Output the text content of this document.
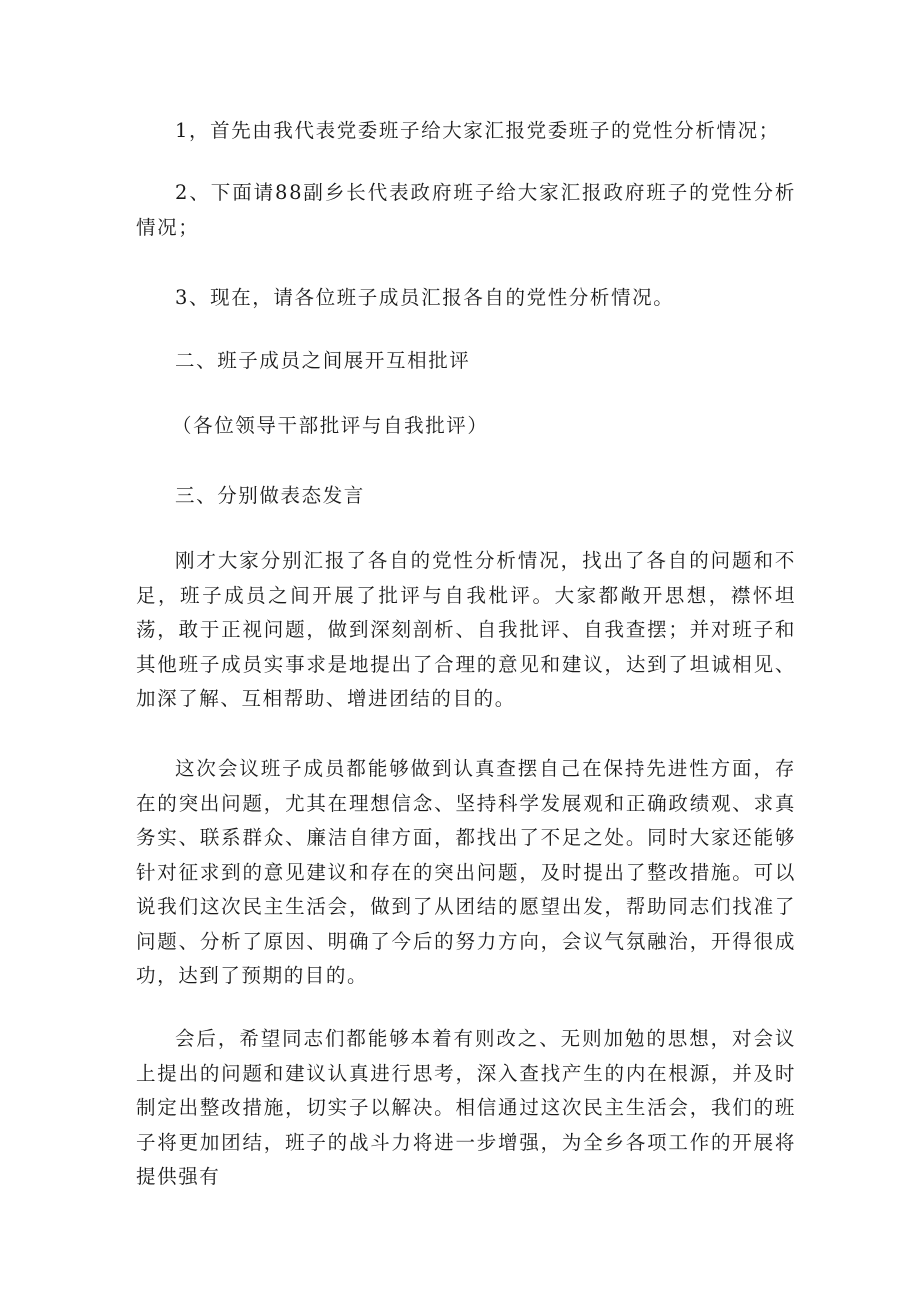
1，首先由我代表党委班子给大家汇报党委班子的党性分析情况；

2、下面请88副乡长代表政府班子给大家汇报政府班子的党性分析情况；

3、现在，请各位班子成员汇报各自的党性分析情况。

二、班子成员之间展开互相批评

（各位领导干部批评与自我批评）

三、分别做表态发言

刚才大家分别汇报了各自的党性分析情况，找出了各自的问题和不足，班子成员之间开展了批评与自我枇评。大家都敞开思想，襟怀坦荡，敢于正视问题，做到深刻剖析、自我批评、自我查摆；并对班子和其他班子成员实事求是地提出了合理的意见和建议，达到了坦诚相见、加深了解、互相帮助、增进团结的目的。

这次会议班子成员都能够做到认真查摆自己在保持先进性方面，存在的突出问题，尤其在理想信念、坚持科学发展观和正确政绩观、求真务实、联系群众、廉洁自律方面，都找出了不足之处。同时大家还能够针对征求到的意见建议和存在的突出问题，及时提出了整改措施。可以说我们这次民主生活会，做到了从团结的愿望出发，帮助同志们找准了问题、分析了原因、明确了今后的努力方向，会议气氛融治，开得很成功，达到了预期的目的。

会后，希望同志们都能够本着有则改之、无则加勉的思想，对会议上提出的问题和建议认真进行思考，深入查找产生的内在根源，并及时制定出整改措施，切实子以解决。相信通过这次民主生活会，我们的班子将更加团结，班子的战斗力将进一步增强，为全乡各项工作的开展将提供强有
